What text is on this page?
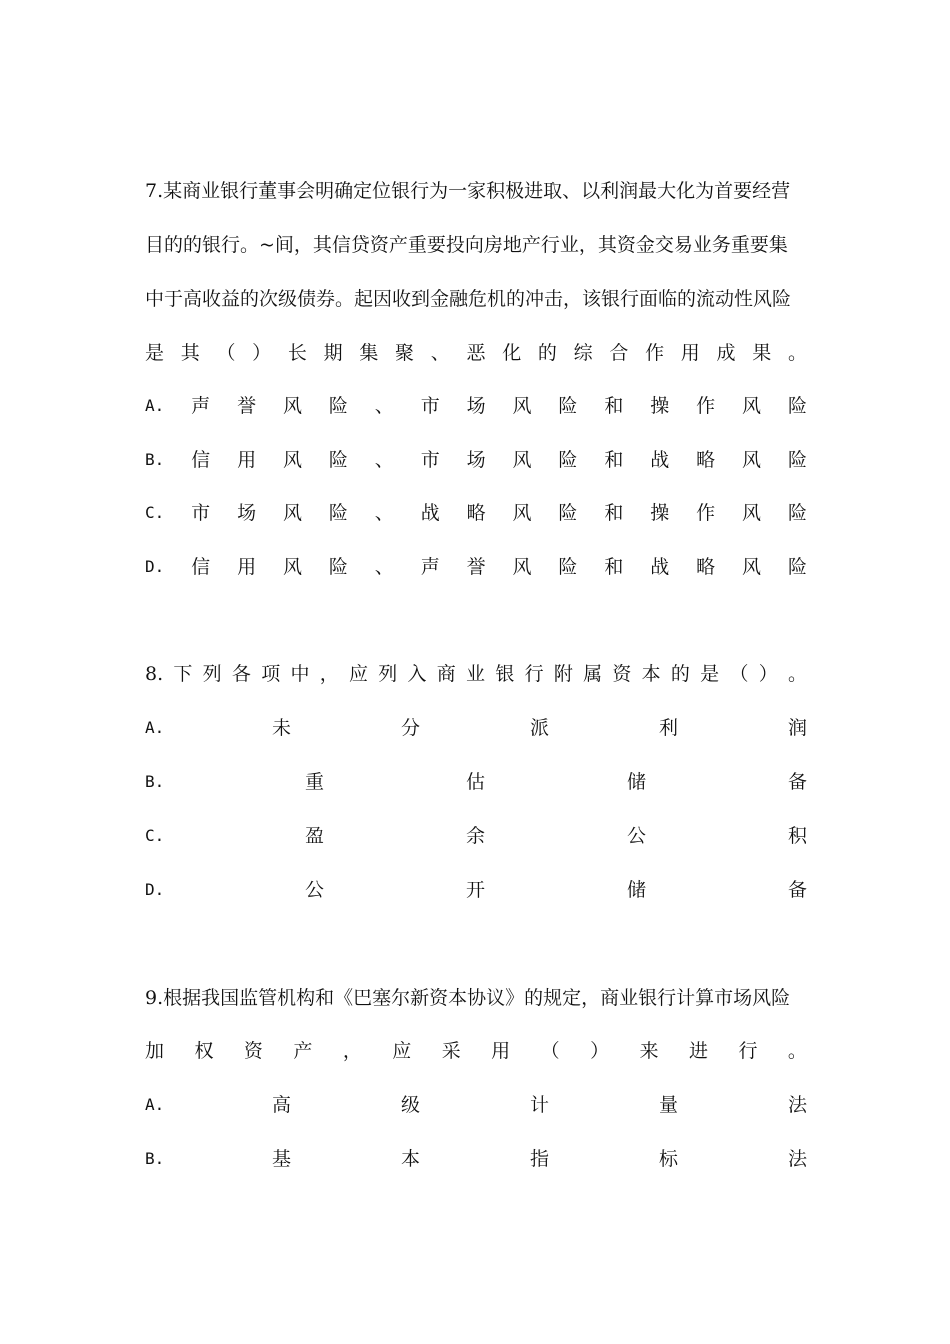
7.某商业银行董事会明确定位银行为一家积极进取、以利润最大化为首要经营
目的的银行。~间，其信贷资产重要投向房地产行业，其资金交易业务重要集
中于高收益的次级债券。起因收到金融危机的冲击，该银行面临的流动性风险
是 其 （ ） 长 期 集 聚 、 恶 化 的 综 合 作 用 成 果 。
A. 声 誉 风 险 、 市 场 风 险 和 操 作 风 险
B. 信 用 风 险 、 市 场 风 险 和 战 略 风 险
C. 市 场 风 险 、 战 略 风 险 和 操 作 风 险
D. 信 用 风 险 、 声 誉 风 险 和 战 略 风 险
8. 下 列 各 项 中 ， 应 列 入 商 业 银 行 附 属 资 本 的 是 （ ） 。
A.	未	分	派	利	润
B.	重	估	储	备
C.	盈	余	公	积
D.	公	开	储	备
9.根据我国监管机构和《巴塞尔新资本协议》的规定，商业银行计算市场风险
加 权 资 产 ， 应 采 用 （ ） 来 进 行 。
A.	高	级	计	量	法
B.	基	本	指	标	法
